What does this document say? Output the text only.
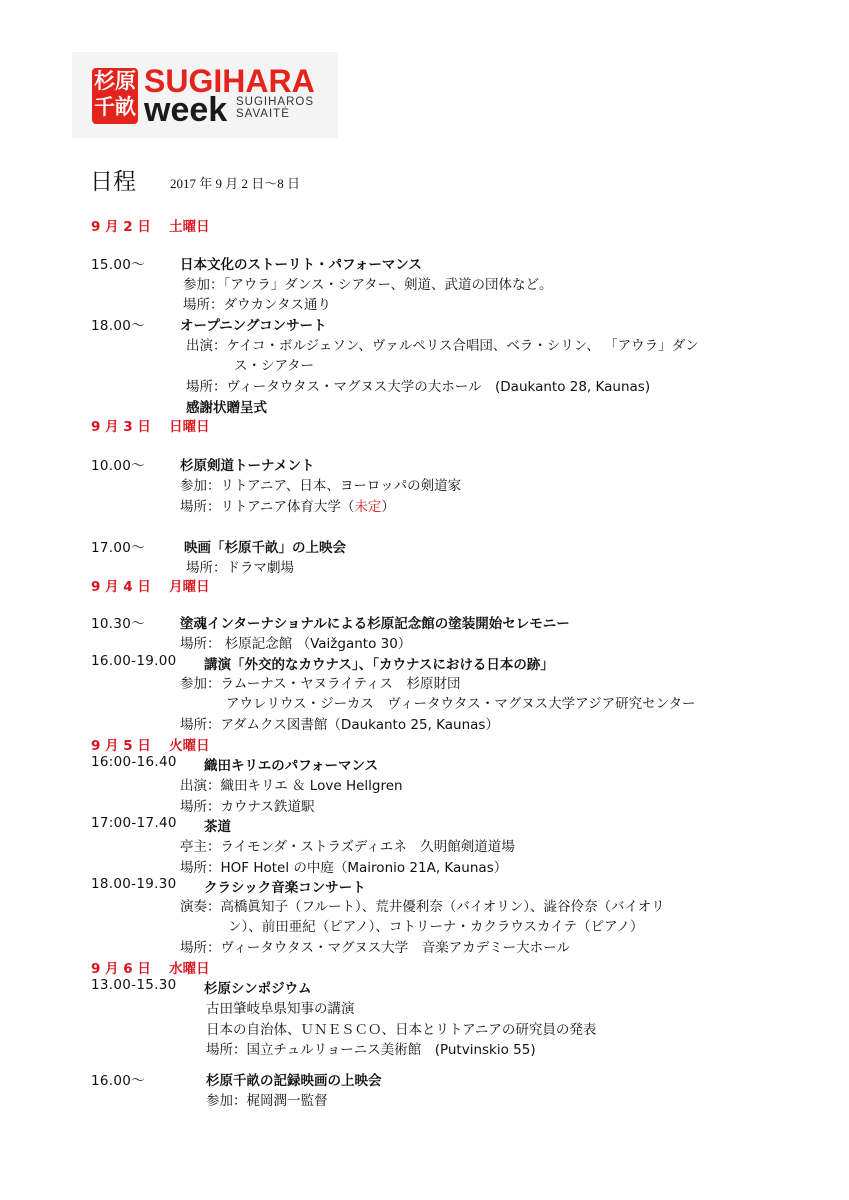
杉原
千畝
SUGIHARA
week SUGIHAROS
SAVAITĖ
日程	2017 年 9 月 2 日〜8 日
9 月 2 日　 土曜日
15.00〜	日本文化のストーリト・パフォーマンス
参加：「アウラ」ダンス・シアター、剣道、武道の団体など。
場所：ダウカンタス通り
18.00〜	オープニングコンサート
出演：ケイコ・ボルジェソン、ヴァルペリス合唱団、ベラ・シリン、 「アウラ」ダン
ス・シアター
場所：ヴィータウタス・マグヌス大学の大ホール　(Daukanto 28, Kaunas)
感謝状贈呈式
9 月 3 日　 日曜日
10.00〜	杉原剣道トーナメント
参加：リトアニア、日本、ヨーロッパの剣道家
場所：リトアニア体育大学（未定）
17.00〜	映画「杉原千畝」の上映会
場所：ドラマ劇場
9 月 4 日　 月曜日
10.30〜	塗魂インターナショナルによる杉原記念館の塗装開始セレモニー
場所： 杉原記念館 （Vaižganto 30）
16.00-19.00 講演「外交的なカウナス」、「カウナスにおける日本の跡」
参加：ラムーナス・ヤヌライティス　杉原財団
アウレリウス・ジーカス　ヴィータウタス・マグヌス大学アジア研究センター
場所：アダムクス図書館（Daukanto 25, Kaunas）
9 月 5 日　 火曜日
16:00-16.40 織田キリエのパフォーマンス
出演：織田キリエ ＆ Love Hellgren
場所：カウナス鉄道駅
17:00-17.40 茶道
亭主：ライモンダ・ストラズディエネ　久明館剣道道場
場所：HOF Hotel の中庭（Maironio 21A, Kaunas）
18.00-19.30 クラシック音楽コンサート
演奏：高橋眞知子（フルート）、荒井優利奈（バイオリン）、澁谷伶奈（バイオリ
ン）、前田亜紀（ピアノ）、コトリーナ・カクラウスカイテ（ピアノ）
場所：ヴィータウタス・マグヌス大学　音楽アカデミー大ホール
9 月 6 日　 水曜日
13.00-15.30 杉原シンポジウム
古田肇岐阜県知事の講演
日本の自治体、ＵＮＥＳＣＯ、日本とリトアニアの研究員の発表
場所：国立チュルリョーニス美術館　(Putvinskio 55)
16.00〜	杉原千畝の記録映画の上映会
参加：梶岡潤一監督
